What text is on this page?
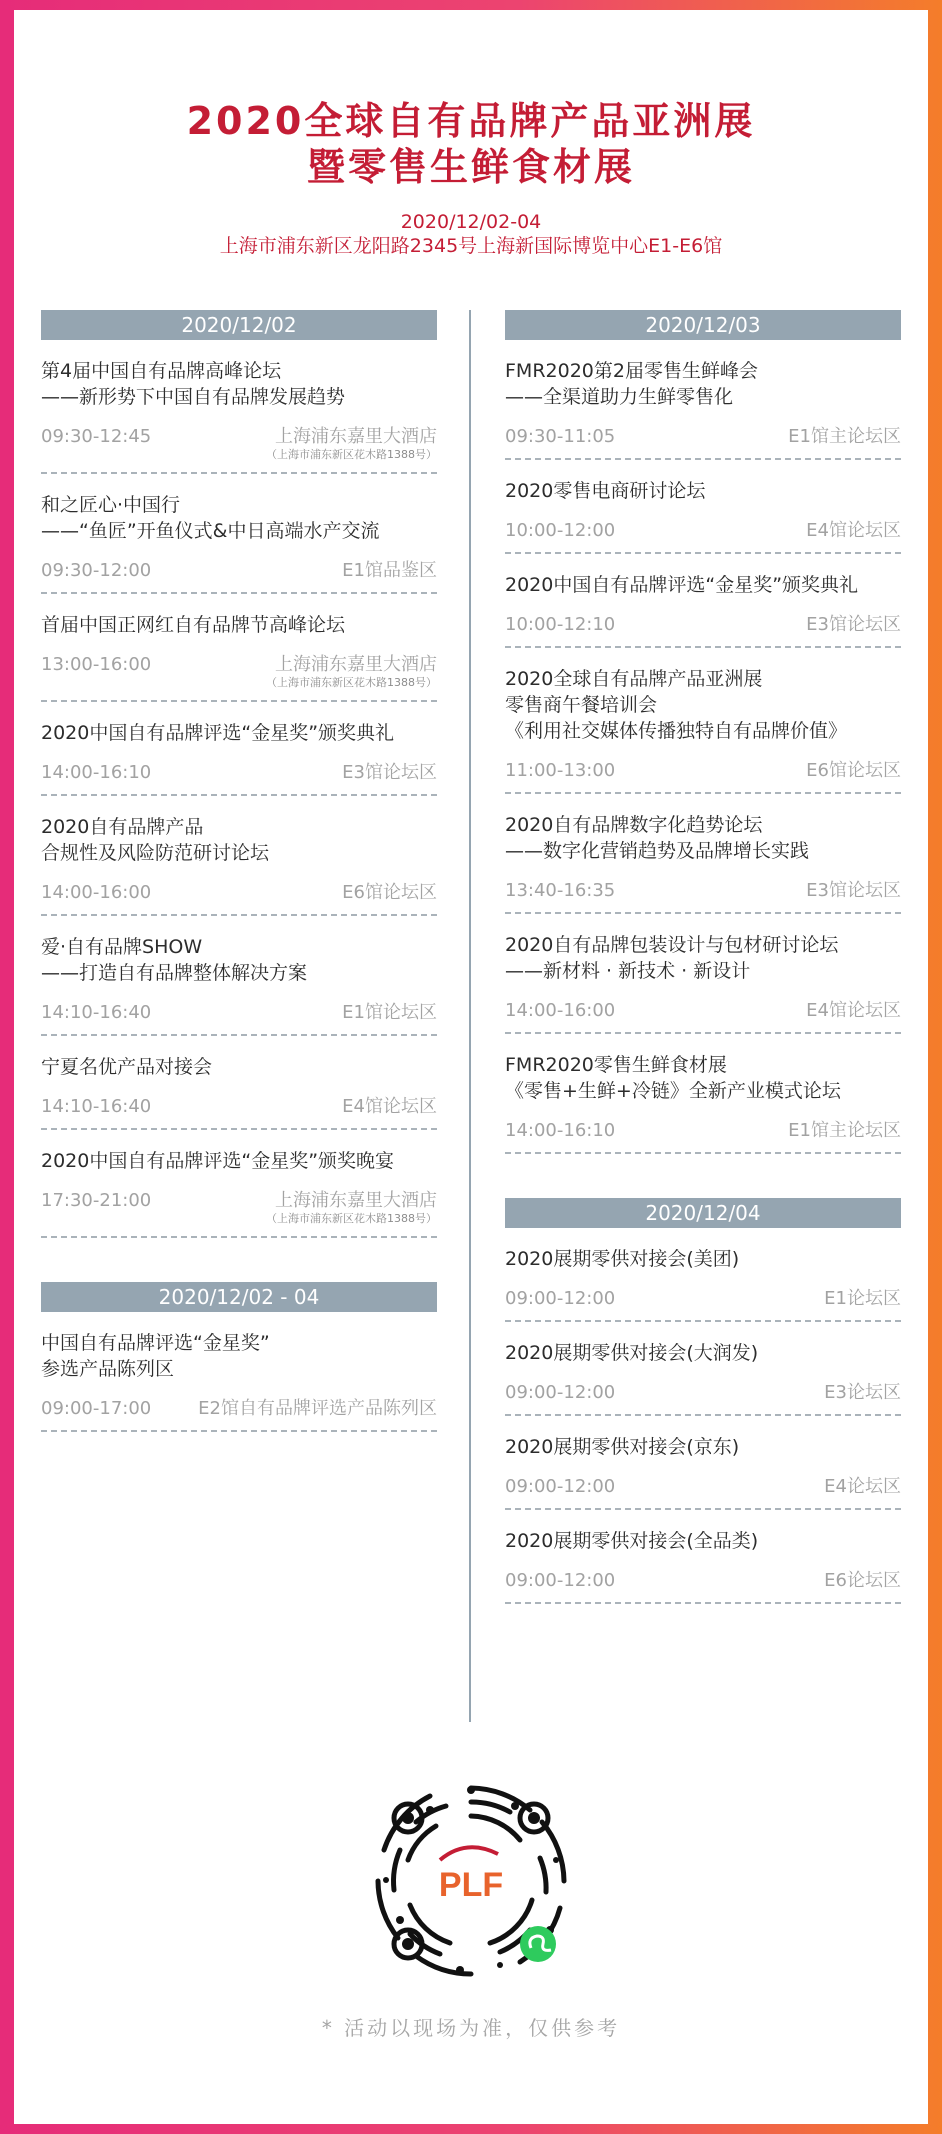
2020全球自有品牌产品亚洲展
暨零售生鲜食材展
2020/12/02-04
上海市浦东新区龙阳路2345号上海新国际博览中心E1-E6馆
2020/12/02
第4届中国自有品牌高峰论坛
——新形势下中国自有品牌发展趋势
09:30-12:45	上海浦东嘉里大酒店
（上海市浦东新区花木路1388号）
和之匠心·中国行
——“鱼匠”开鱼仪式&中日高端水产交流
09:30-12:00	E1馆品鉴区
首届中国正网红自有品牌节高峰论坛
13:00-16:00	上海浦东嘉里大酒店
（上海市浦东新区花木路1388号）
2020中国自有品牌评选“金星奖”颁奖典礼
14:00-16:10	E3馆论坛区
2020自有品牌产品
合规性及风险防范研讨论坛
14:00-16:00	E6馆论坛区
爱·自有品牌SHOW
——打造自有品牌整体解决方案
14:10-16:40	E1馆论坛区
宁夏名优产品对接会
14:10-16:40	E4馆论坛区
2020中国自有品牌评选“金星奖”颁奖晚宴
17:30-21:00	上海浦东嘉里大酒店
（上海市浦东新区花木路1388号）
2020/12/02 - 04
中国自有品牌评选“金星奖”
参选产品陈列区
09:00-17:00	E2馆自有品牌评选产品陈列区
2020/12/03
FMR2020第2届零售生鲜峰会
——全渠道助力生鲜零售化
09:30-11:05	E1馆主论坛区
2020零售电商研讨论坛
10:00-12:00	E4馆论坛区
2020中国自有品牌评选“金星奖”颁奖典礼
10:00-12:10	E3馆论坛区
2020全球自有品牌产品亚洲展
零售商午餐培训会
《利用社交媒体传播独特自有品牌价值》
11:00-13:00	E6馆论坛区
2020自有品牌数字化趋势论坛
——数字化营销趋势及品牌增长实践
13:40-16:35	E3馆论坛区
2020自有品牌包装设计与包材研讨论坛
——新材料 · 新技术 · 新设计
14:00-16:00	E4馆论坛区
FMR2020零售生鲜食材展
《零售+生鲜+冷链》全新产业模式论坛
14:00-16:10	E1馆主论坛区
2020/12/04
2020展期零供对接会(美团)
09:00-12:00	E1论坛区
2020展期零供对接会(大润发)
09:00-12:00	E3论坛区
2020展期零供对接会(京东)
09:00-12:00	E4论坛区
2020展期零供对接会(全品类)
09:00-12:00	E6论坛区
PLF
* 活动以现场为准，仅供参考
